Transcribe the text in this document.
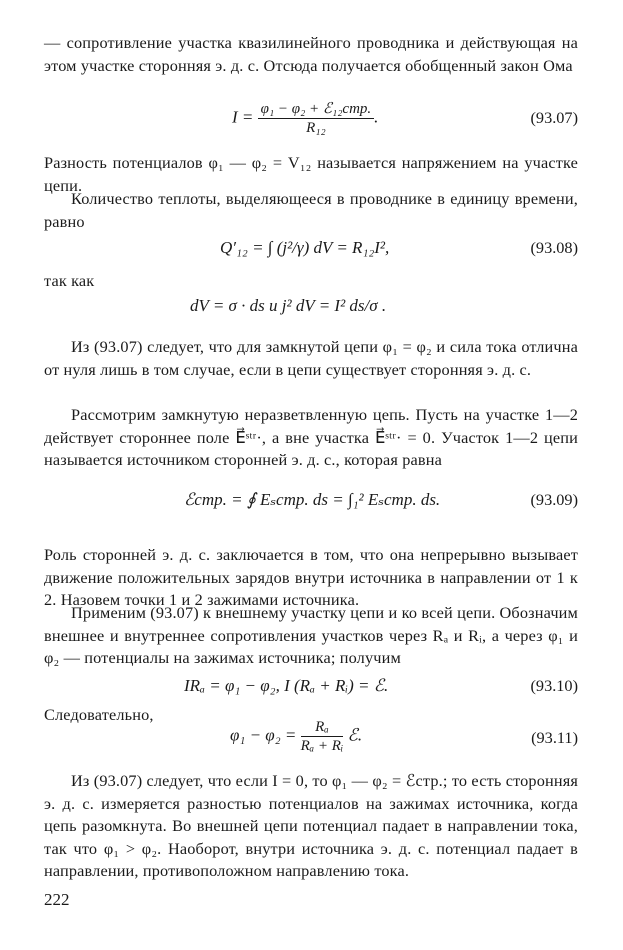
— сопротивление участка квазилинейного проводника и действующая на этом участке сторонняя э. д. с. Отсюда получается обобщенный закон Ома

$I = \frac{\text{φ₁ − φ₂ + ℰ₁₂стр.}}{\text{R₁₂}}$ .	(93.07)

Разность потенциалов φ₁ — φ₂ = V₁₂ называется напряжением на участке цепи.

Количество теплоты, выделяющееся в проводнике в единицу времени, равно

Q′₁₂ = ∫ (j²/γ) dV = R₁₂I²,	(93.08)

так как

dV = σ · ds и j² dV = I² ds/σ .

Из (93.07) следует, что для замкнутой цепи φ₁ = φ₂ и сила тока отлична от нуля лишь в том случае, если в цепи существует сторонняя э. д. с.

Рассмотрим замкнутую неразветвленную цепь. Пусть на участке 1—2 действует стороннее поле E⃗ˢᵗʳ·, а вне участка E⃗ˢᵗʳ· = 0. Участок 1—2 цепи называется источником сторонней э. д. с., которая равна

ℰстр. = ∮ Eₛстр. ds = ∫₁² Eₛстр. ds.	(93.09)

Роль сторонней э. д. с. заключается в том, что она непрерывно вызывает движение положительных зарядов внутри источника в направлении от 1 к 2. Назовем точки 1 и 2 зажимами источника.

Применим (93.07) к внешнему участку цепи и ко всей цепи. Обозначим внешнее и внутреннее сопротивления участков через Rₐ и Rᵢ, а через φ₁ и φ₂ — потенциалы на зажимах источника; получим

IRₐ = φ₁ − φ₂, I (Rₐ + Rᵢ) = ℰ.	(93.10)

Следовательно,

$\varphi_1 - \varphi_2 = \frac{\text{Rₐ}}{\text{Rₐ + Rᵢ}}$ ℰ.	(93.11)

Из (93.07) следует, что если I = 0, то φ₁ — φ₂ = ℰстр.; то есть сторонняя э. д. с. измеряется разностью потенциалов на зажимах источника, когда цепь разомкнута. Во внешней цепи потенциал падает в направлении тока, так что φ₁ > φ₂. Наоборот, внутри источника э. д. с. потенциал падает в направлении, противоположном направлению тока.

222
